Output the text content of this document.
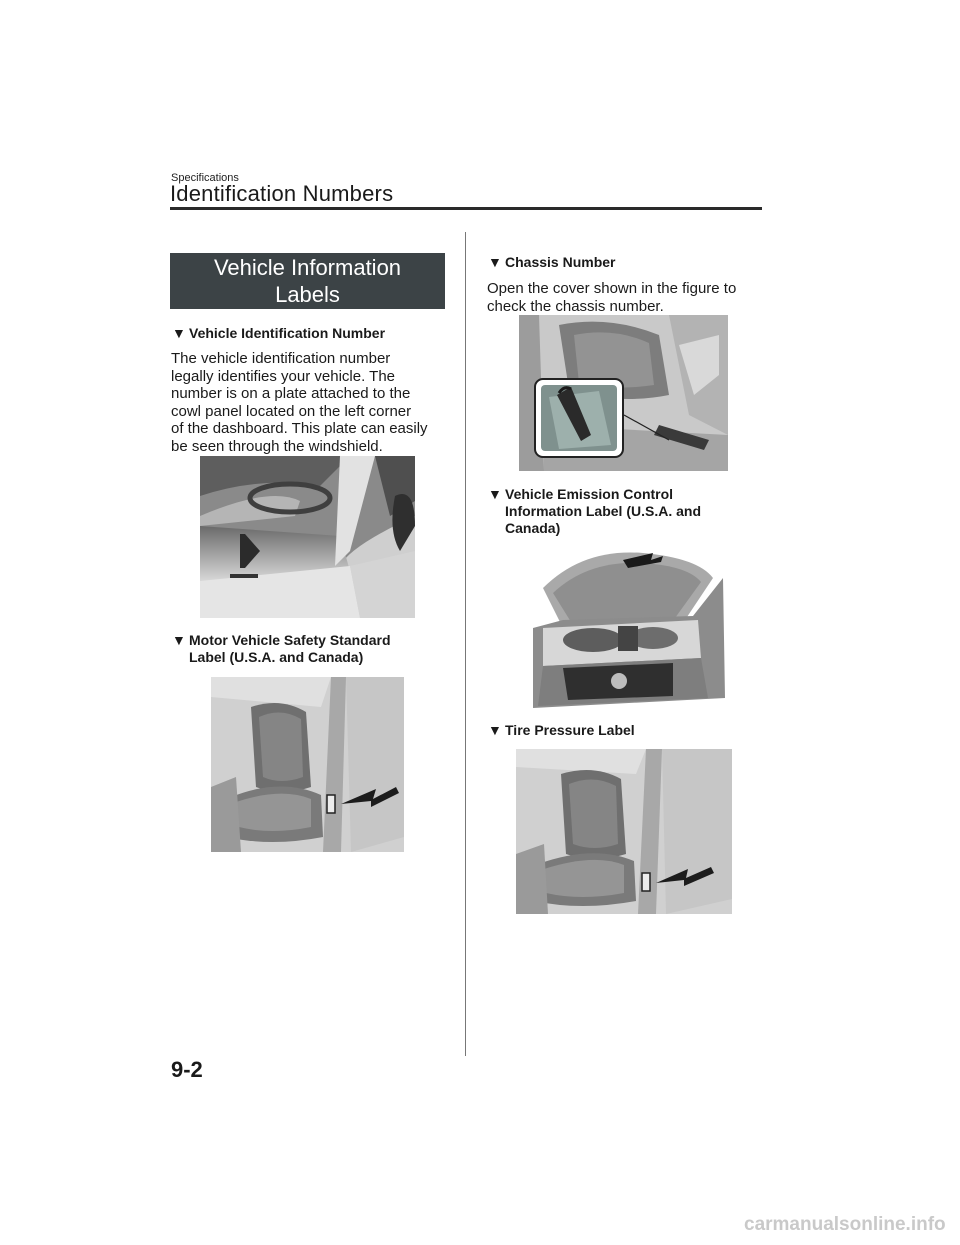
Specifications
Identification Numbers
Vehicle Information
Labels
▼ Vehicle Identification Number
The vehicle identification number
legally identifies your vehicle. The
number is on a plate attached to the
cowl panel located on the left corner
of the dashboard. This plate can easily
be seen through the windshield.
▼ Motor Vehicle Safety Standard
Label (U.S.A. and Canada)
▼ Chassis Number
Open the cover shown in the figure to
check the chassis number.
▼ Vehicle Emission Control
Information Label (U.S.A. and
Canada)
▼ Tire Pressure Label
9-2
carmanualsonline.info
